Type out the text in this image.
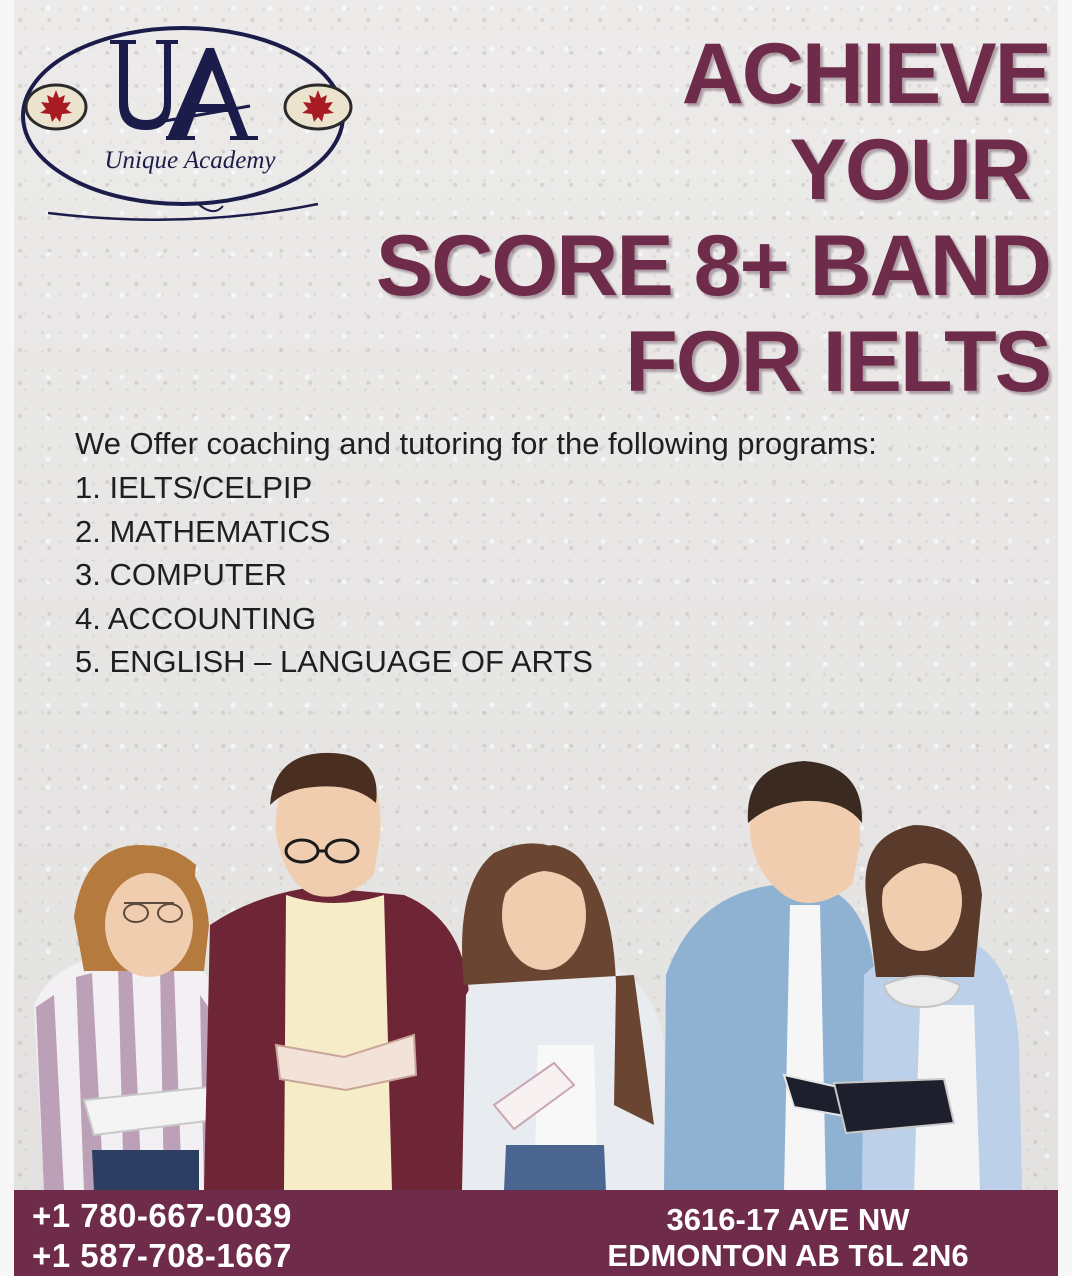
Unique Academy
ACHIEVE
YOUR
SCORE 8+ BAND
FOR IELTS
We Offer coaching and tutoring for the following programs:
1. IELTS/CELPIP
2. MATHEMATICS
3. COMPUTER
4. ACCOUNTING
5. ENGLISH – LANGUAGE OF ARTS
+1 780-667-0039
+1 587-708-1667
3616-17 AVE NW
EDMONTON AB T6L 2N6
